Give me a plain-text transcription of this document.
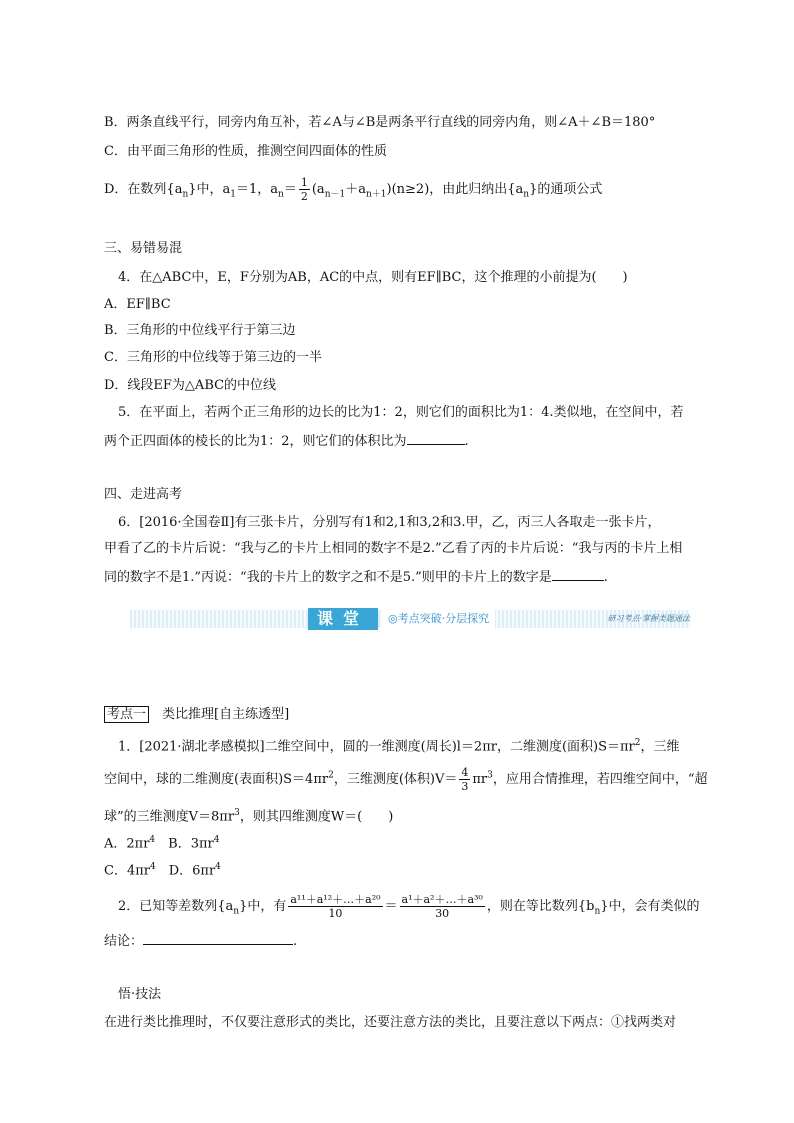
B．两条直线平行，同旁内角互补，若∠A与∠B是两条平行直线的同旁内角，则∠A＋∠B＝180°
C．由平面三角形的性质，推测空间四面体的性质
D．在数列$\{a_n\}$中，$a_1=1$，$a_n= \frac{1}{2} (a_{n-1}+a_{n+1})(n\ge 2)$，由此归纳出$\{a_n\}$的通项公式
三、易错易混
4．在△ABC中，E，F分别为AB，AC的中点，则有EF∥BC，这个推理的小前提为(　　)
A．EF∥BC
B．三角形的中位线平行于第三边
C．三角形的中位线等于第三边的一半
D．线段EF为△ABC的中位线
5．在平面上，若两个正三角形的边长的比为1：2，则它们的面积比为1：4.类似地，在空间中，若
两个正四面体的棱长的比为1：2，则它们的体积比为	.
四、走进高考
6．[2016·全国卷Ⅱ]有三张卡片，分别写有1和2,1和3,2和3.甲，乙，丙三人各取走一张卡片，
甲看了乙的卡片后说：“我与乙的卡片上相同的数字不是2.”乙看了丙的卡片后说：“我与丙的卡片上相
同的数字不是1.”丙说：“我的卡片上的数字之和不是5.”则甲的卡片上的数字是	.
课堂	◎考点突破·分层探究	研习考点·掌握类题通法
考点一　 类比推理[自主练透型]
1．[2021·湖北孝感模拟]二维空间中，圆的一维测度(周长)l＝2πr，二维测度(面积)$S=\pi r^2$，三维
空间中，球的二维测度(表面积)$S=4\pi r^2$，三维测度(体积)$V= \frac{4}{3} \pi r^3$，应用合情推理，若四维空间中，“超
球”的三维测度$V=8\pi r^3$，则其四维测度W＝(　　)
A．$2\pi r^4$　B．$3\pi r^4$
C．$4\pi r^4$　D．$6\pi r^4$
2．已知等差数列$\{a_n\}$中，有 $\frac{\text{a¹¹＋a¹²＋…＋a²⁰}}{10} = \frac{\text{a¹＋a²＋…＋a³⁰}}{30}$ ，则在等比数列$\{b_n\}$中，会有类似的
结论：	.
悟·技法
在进行类比推理时，不仅要注意形式的类比，还要注意方法的类比，且要注意以下两点：①找两类对
